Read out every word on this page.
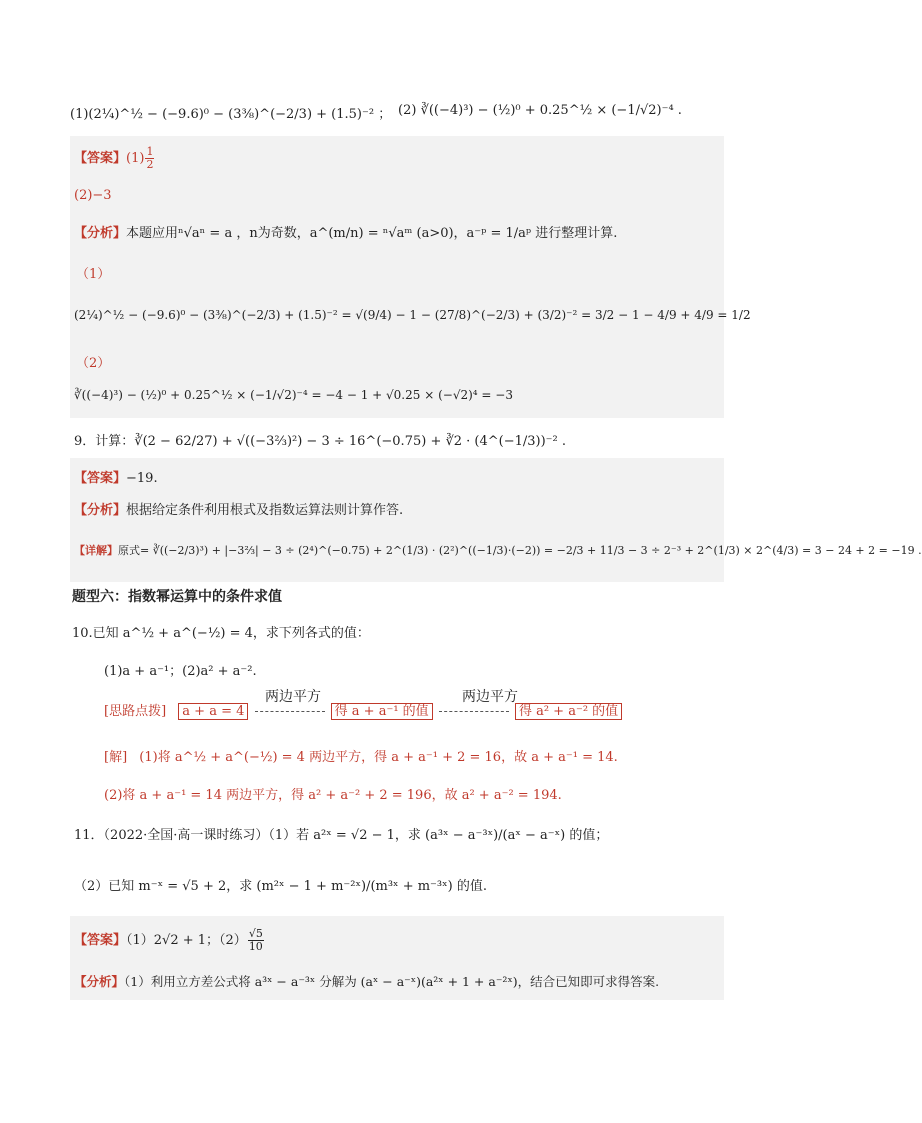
(1)(2¼)^½ − (−9.6)⁰ − (3⅜)^(−2/3) + (1.5)⁻² ； (2) ∛((−4)³) − (½)⁰ + 0.25^½ × (−1/√2)⁻⁴ .
【答案】$(1) \frac{1}{2}$
(2)−3
【分析】本题应用ⁿ√aⁿ = a ，n为奇数，a^(m/n) = ⁿ√aᵐ (a>0)，a⁻ᵖ = 1/aᵖ 进行整理计算.
（1）
(2¼)^½ − (−9.6)⁰ − (3⅜)^(−2/3) + (1.5)⁻² = √(9/4) − 1 − (27/8)^(−2/3) + (3/2)⁻² = 3/2 − 1 − 4/9 + 4/9 = 1/2
（2）
∛((−4)³) − (½)⁰ + 0.25^½ × (−1/√2)⁻⁴ = −4 − 1 + √0.25 × (−√2)⁴ = −3
9．计算：∛(2 − 62/27) + √((−3⅔)²) − 3 ÷ 16^(−0.75) + ∛2 · (4^(−1/3))⁻² .
【答案】−19.
【分析】根据给定条件利用根式及指数运算法则计算作答.
【详解】原式= ∛((−2/3)³) + |−3⅔| − 3 ÷ (2⁴)^(−0.75) + 2^(1/3) · (2²)^((−1/3)·(−2)) = −2/3 + 11/3 − 3 ÷ 2⁻³ + 2^(1/3) × 2^(4/3) = 3 − 24 + 2 = −19 .
题型六：指数幂运算中的条件求值
10.已知 a^½ + a^(−½) = 4，求下列各式的值：
(1)a + a⁻¹；(2)a² + a⁻².
[思路点拨] a + a = 4	得 a + a⁻¹ 的值	得 a² + a⁻² 的值
两边平方	两边平方
[解] (1)将 a^½ + a^(−½) = 4 两边平方，得 a + a⁻¹ + 2 = 16，故 a + a⁻¹ = 14.
(2)将 a + a⁻¹ = 14 两边平方，得 a² + a⁻² + 2 = 196，故 a² + a⁻² = 194.
11．（2022·全国·高一课时练习）（1）若 a²ˣ = √2 − 1，求 (a³ˣ − a⁻³ˣ)/(aˣ − a⁻ˣ) 的值；
（2）已知 m⁻ˣ = √5 + 2，求 (m²ˣ − 1 + m⁻²ˣ)/(m³ˣ + m⁻³ˣ) 的值.
【答案】（1）2√2 + 1；$(2) \frac{√5}{10}$
【分析】（1）利用立方差公式将 a³ˣ − a⁻³ˣ 分解为 (aˣ − a⁻ˣ)(a²ˣ + 1 + a⁻²ˣ)，结合已知即可求得答案.
